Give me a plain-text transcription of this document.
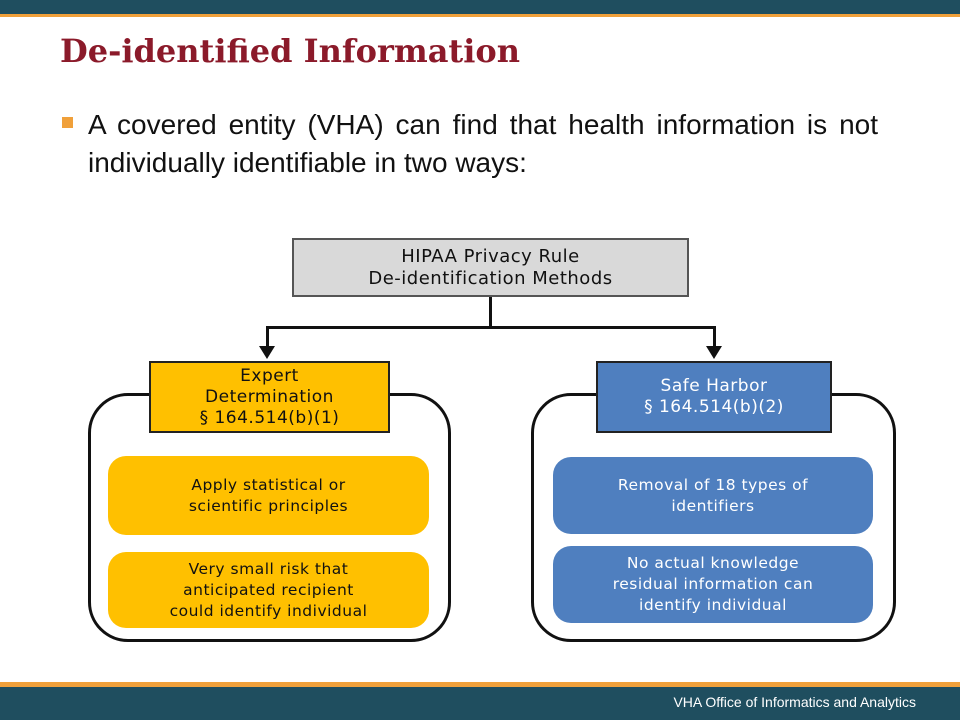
De-identified Information
A covered entity (VHA) can find that health information is not individually identifiable in two ways:
HIPAA Privacy Rule
De-identification Methods
Expert
Determination
§ 164.514(b)(1)
Safe Harbor
§ 164.514(b)(2)
Apply statistical or
scientific principles
Very small risk that
anticipated recipient
could identify individual
Removal of 18 types of
identifiers
No actual knowledge
residual information can
identify individual
VHA Office of Informatics and Analytics
